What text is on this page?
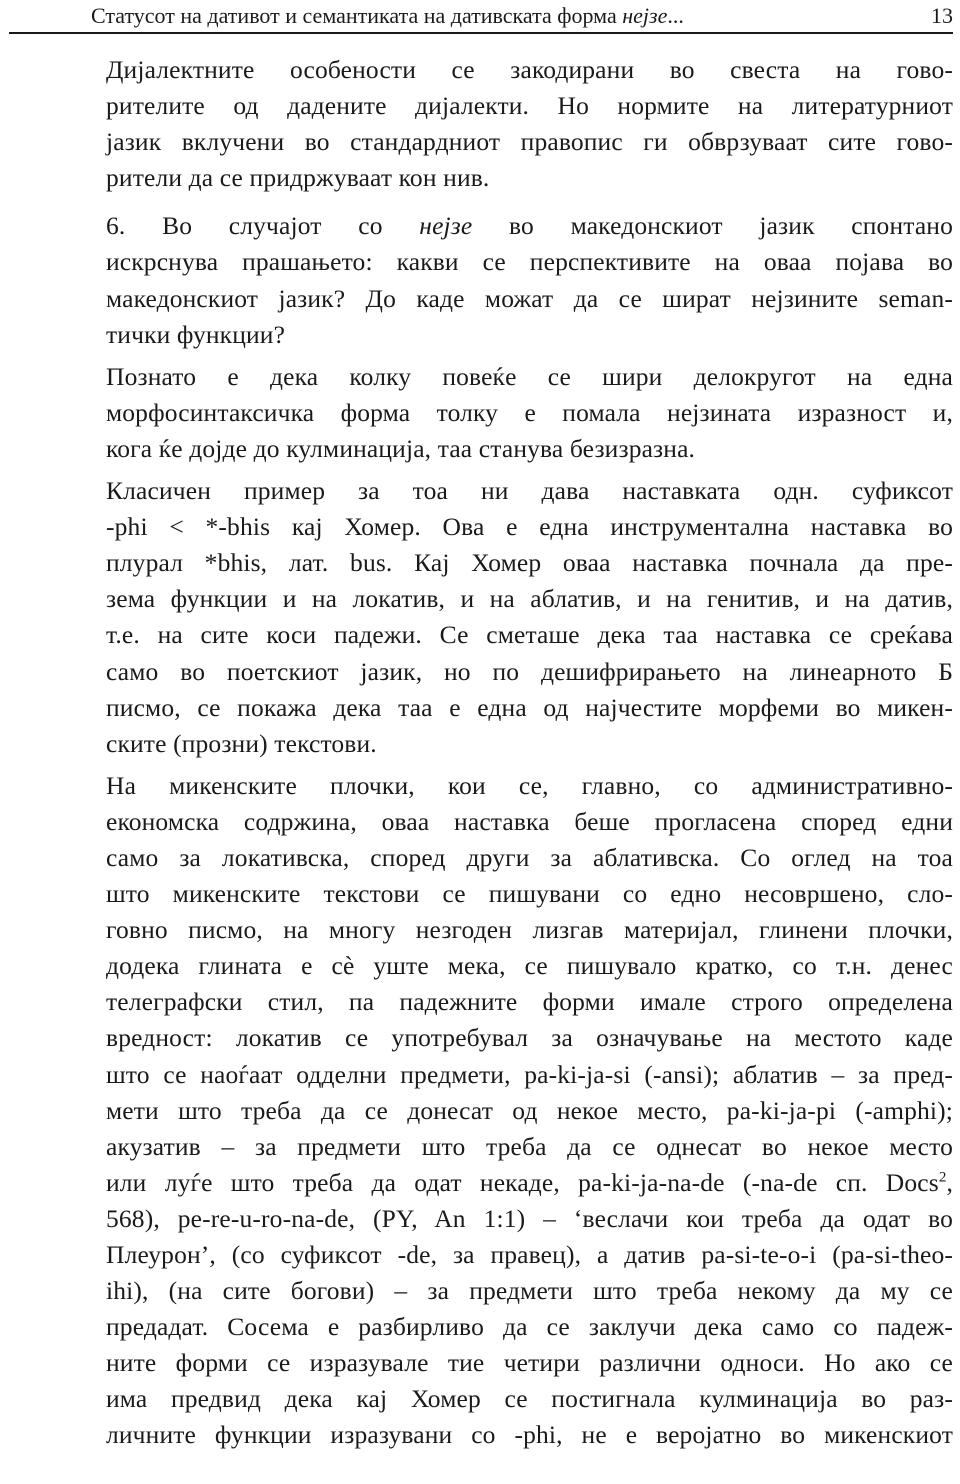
Статусот на дативот и семантиката на дативската форма нејзе...	13

Дијалектните особености се закодирани во свеста на гово-
рителите од дадените дијалекти. Но нормите на литературниот
јазик вклучени во стандардниот правопис ги обврзуваат сите гово-
рители да се придржуваат кон нив.

6. Во случајот со нејзе во македонскиот јазик спонтано
искрснува прашањето: какви се перспективите на оваа појава во
македонскиот јазик? До каде можат да се шират нејзините seman-
тички функции?

Познато е дека колку повеќе се шири делокругот на една
морфосинтаксичка форма толку е помала нејзината изразност и,
кога ќе дојде до кулминација, таа станува безизразна.

Класичен пример за тоа ни дава наставката одн. суфиксот
-phi < *-bhis кај Хомер. Ова е една инструментална наставка во
плурал *bhis, лат. bus. Кај Хомер оваа наставка почнала да пре-
зема функции и на локатив, и на аблатив, и на генитив, и на датив,
т.е. на сите коси падежи. Се сметаше дека таа наставка се среќава
само во поетскиот јазик, но по дешифрирањето на линеарното Б
писмо, се покажа дека таа е една од најчестите морфеми во микен-
ските (прозни) текстови.

На микенските плочки, кои се, главно, со административно-
економска содржина, оваа наставка беше прогласена според едни
само за локативска, според други за аблативска. Со оглед на тоа
што микенските текстови се пишувани со едно несовршено, сло-
говно писмо, на многу незгоден лизгав материјал, глинени плочки,
додека глината е сè уште мека, се пишувало кратко, со т.н. денес
телеграфски стил, па падежните форми имале строго определена
вредност: локатив се употребувал за означување на местото каде
што се наоѓаат одделни предмети, pa-ki-ja-si (-ansi); аблатив – за пред-
мети што треба да се донесат од некое место, pa-ki-ja-pi (-amphi);
акузатив – за предмети што треба да се однесат во некое место
или луѓе што треба да одат некаде, pa-ki-ja-na-de (-na-de сп. Docs$^2$,
568), pe-re-u-ro-na-de, (PY, An 1:1) – ‘веслачи кои треба да одат во
Плеурон’, (со суфиксот -de, за правец), а датив pa-si-te-o-i (pa-si-theo-
ihi), (на сите богови) – за предмети што треба некому да му се
предадат. Сосема е разбирливо да се заклучи дека само со падеж-
ните форми се изразувале тие четири различни односи. Но ако се
има предвид дека кај Хомер се постигнала кулминација во раз-
личните функции изразувани со -phi, не е веројатно во микенскиот
